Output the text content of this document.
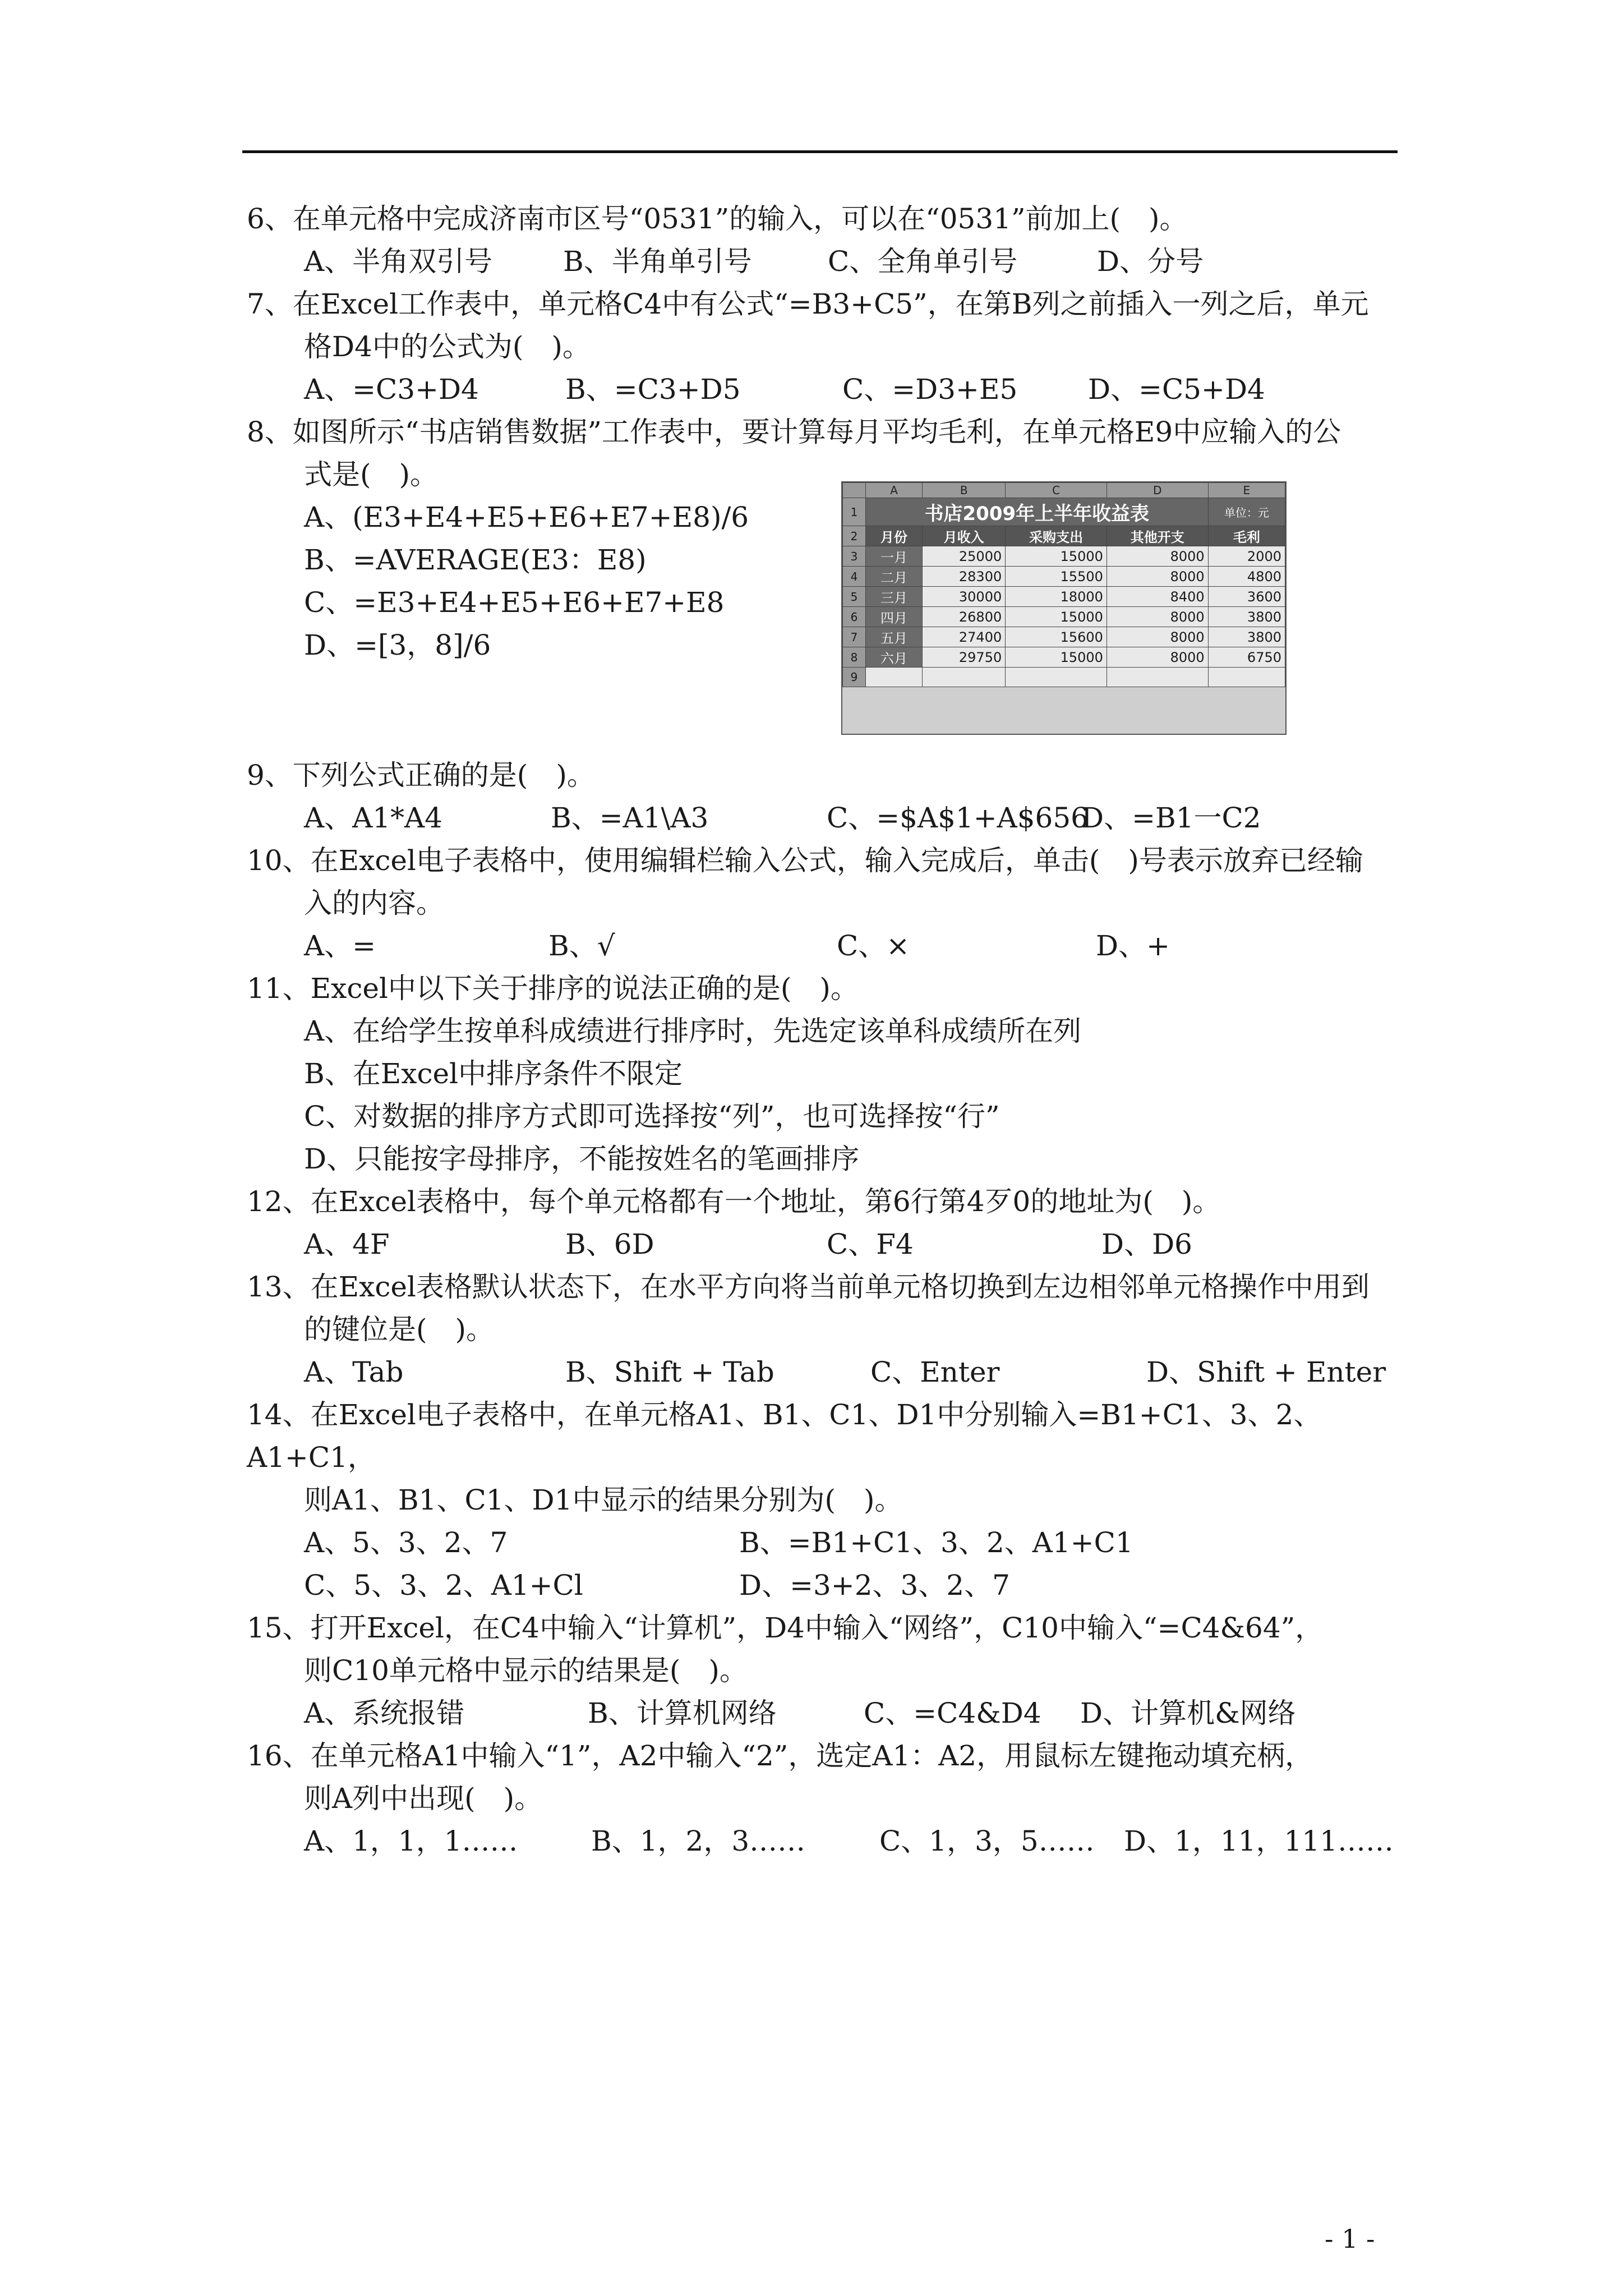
6、在单元格中完成济南市区号“0531”的输入，可以在“0531”前加上(　)。

A、半角双引号	B、半角单引号	C、全角单引号	D、分号

7、在Excel工作表中，单元格C4中有公式“=B3+C5”，在第B列之前插入一列之后，单元

格D4中的公式为(　)。

A、=C3+D4	B、=C3+D5	C、=D3+E5	D、=C5+D4

8、如图所示“书店销售数据”工作表中，要计算每月平均毛利，在单元格E9中应输入的公

式是(　)。

A、(E3+E4+E5+E6+E7+E8)/6
B、=AVERAGE(E3：E8)
C、=E3+E4+E5+E6+E7+E8
D、=[3，8]/6
	A	B	C	D	E
1	书店2009年上半年收益表				单位：元
2	月份	月收入	采购支出	其他开支	毛利
3	一月	25000	15000	8000	2000
4	二月	28300	15500	8000	4800
5	三月	30000	18000	8400	3600
6	四月	26800	15000	8000	3800
7	五月	27400	15600	8000	3800
8	六月	29750	15000	8000	6750
9					

9、下列公式正确的是(　)。

A、A1*A4	B、=A1\A3	C、=$A$1+A$656
D、=B1一C2

10、在Excel电子表格中，使用编辑栏输入公式，输入完成后，单击(　)号表示放弃已经输

入的内容。

A、=	B、√	C、×	D、+

11、Excel中以下关于排序的说法正确的是(　)。

A、在给学生按单科成绩进行排序时，先选定该单科成绩所在列
B、在Excel中排序条件不限定
C、对数据的排序方式即可选择按“列”，也可选择按“行”
D、只能按字母排序，不能按姓名的笔画排序

12、在Excel表格中，每个单元格都有一个地址，第6行第4歹0的地址为(　)。

A、4F	B、6D	C、F4	D、D6

13、在Excel表格默认状态下，在水平方向将当前单元格切换到左边相邻单元格操作中用到

的键位是(　)。

A、Tab	B、Shift + Tab	C、Enter	D、Shift + Enter

14、在Excel电子表格中，在单元格A1、B1、C1、D1中分别输入=B1+C1、3、2、A1+C1，

则A1、B1、C1、D1中显示的结果分别为(　)。

A、5、3、2、7	B、=B1+C1、3、2、A1+C1
C、5、3、2、A1+Cl	D、=3+2、3、2、7

15、打开Excel，在C4中输入“计算机”，D4中输入“网络”，C10中输入“=C4&64”，

则C10单元格中显示的结果是(　)。

A、系统报错	B、计算机网络	C、=C4&D4	D、计算机&网络

16、在单元格A1中输入“1”，A2中输入“2”，选定A1：A2，用鼠标左键拖动填充柄，

则A列中出现(　)。

A、1，1，1……	B、1，2，3……	C、1，3，5……	D、1，11，111……
- 1 -
